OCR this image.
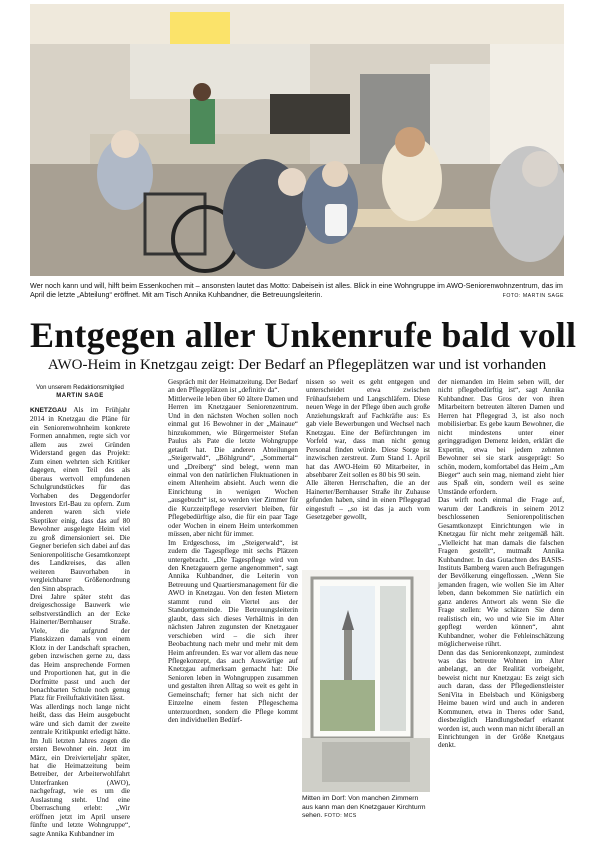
Wer noch kann und will, hilft beim Essenkochen mit – ansonsten lautet das Motto: Dabeisein ist alles. Blick in eine Wohngruppe im AWO-Seniorenwohnzentrum, das im April die letzte „Abteilung“ eröffnet. Mit am Tisch Annika Kuhbandner, die Betreuungsleiterin.	FOTO: MARTIN SAGE
Entgegen aller Unkenrufe bald voll
AWO-Heim in Knetzgau zeigt: Der Bedarf an Pflegeplätzen war und ist vorhanden
Von unserem Redaktionsmitglied
MARTIN SAGE

KNETZGAU Als im Frühjahr 2014 in Knetzgau die Pläne für ein Seniorenwohnheim konkrete Formen annahmen, regte sich vor allem aus zwei Gründen Widerstand gegen das Projekt: Zum einen wehrten sich Kritiker dagegen, einen Teil des als überaus wertvoll empfundenen Schulgrundstückes für das Vorhaben des Deggendorfer Investors Erl-Bau zu opfern. Zum anderen waren sich viele Skeptiker einig, dass das auf 80 Bewohner ausgelegte Heim viel zu groß dimensioniert sei. Die Gegner beriefen sich dabei auf das Seniorenpolitische Gesamtkonzept des Landkreises, das allen weiteren Bauvorhaben in vergleichbarer Größenordnung den Sinn absprach.

Drei Jahre später steht das dreigeschossige Bauwerk wie selbstverständlich an der Ecke Hainerter/Bernhauser Straße. Viele, die aufgrund der Planskizzen damals von einem Klotz in der Landschaft sprachen, geben inzwischen gerne zu, dass das Heim ansprechende Formen und Proportionen hat, gut in die Dorfmitte passt und auch der benachbarten Schule noch genug Platz für Freiluftaktivitäten lässt.

Was allerdings noch lange nicht heißt, dass das Heim ausgebucht wäre und sich damit der zweite zentrale Kritikpunkt erledigt hätte. Im Juli letzten Jahres zogen die ersten Bewohner ein. Jetzt im März, ein Dreivierteljahr später, hat die Heimatzeitung beim Betreiber, der Arbeiterwohlfahrt Unterfranken (AWO), nachgefragt, wie es um die Auslastung steht. Und eine Überraschung erlebt: „Wir eröffnen jetzt im April unsere fünfte und letzte Wohngruppe“, sagte Annika Kuhbandner im

Gespräch mit der Heimatzeitung. Der Bedarf an den Pflegeplätzen ist „definitiv da“.

Mittlerweile leben über 60 ältere Damen und Herren im Knetzgauer Seniorenzentrum. Und in den nächsten Wochen sollen noch einmal gut 16 Bewohner in der „Mainaue“ hinzukommen, wie Bürgermeister Stefan Paulus als Pate die letzte Wohngruppe getauft hat. Die anderen Abteilungen „Steigerwald“, „Böhlgrund“, „Sommertal“ und „Dreiberg“ sind belegt, wenn man einmal von den natürlichen Fluktuationen in einem Altenheim absieht. Auch wenn die Einrichtung in wenigen Wochen „ausgebucht“ ist, so werden vier Zimmer für die Kurzzeitpflege reserviert bleiben, für Pflegebedürftige also, die für ein paar Tage oder Wochen in einem Heim unterkommen müssen, aber nicht für immer.

Im Erdgeschoss, im „Steigerwald“, ist zudem die Tagespflege mit sechs Plätzen untergebracht. „Die Tagespflege wird von den Knetzgauern gerne angenommen“, sagt Annika Kuhbandner, die Leiterin von Betreuung und Quartiersmanagement für die AWO in Knetzgau. Von den festen Mietern stammt rund ein Viertel aus der Standortgemeinde. Die Betreuungsleiterin glaubt, dass sich dieses Verhältnis in den nächsten Jahren zugunsten der Knetzgauer verschieben wird – die sich ihrer Beobachtung nach mehr und mehr mit dem Heim anfreunden. Es war vor allem das neue Pflegekonzept, das auch Auswärtige auf Knetzgau aufmerksam gemacht hat: Die Senioren leben in Wohngruppen zusammen und gestalten ihren Alltag so weit es geht in Gemeinschaft; ferner hat sich nicht der Einzelne einem festen Pflegeschema unterzuordnen, sondern die Pflege kommt den individuellen Bedürf-

nissen so weit es geht entgegen und unterscheidet etwa zwischen Frühaufstehern und Langschläfern. Diese neuen Wege in der Pflege üben auch große Anziehungskraft auf Fachkräfte aus: Es gab viele Bewerbungen und Wechsel nach Knetzgau. Eine der Befürchtungen im Vorfeld war, dass man nicht genug Personal finden würde. Diese Sorge ist inzwischen zerstreut. Zum Stand 1. April hat das AWO-Heim 60 Mitarbeiter, in absehbarer Zeit sollen es 80 bis 90 sein.

Alle älteren Herrschaften, die an der Hainerter/Bernhauser Straße ihr Zuhause gefunden haben, sind in einen Pflegegrad eingestuft – „so ist das ja auch vom Gesetzgeber gewollt,

Mitten im Dorf: Von manchen Zimmern aus kann man den Knetzgauer Kirchturm sehen. FOTO: MCS

der niemanden im Heim sehen will, der nicht pflegebedürftig ist“, sagt Annika Kuhbandner. Das Gros der von ihren Mitarbeitern betreuten älteren Damen und Herren hat Pflegegrad 3, ist also noch mobilisierbar. Es gebe kaum Bewohner, die nicht mindestens unter einer geringgradigen Demenz leiden, erklärt die Expertin, etwa bei jedem zehnten Bewohner sei sie stark ausgeprägt: So schön, modern, komfortabel das Heim „Am Bieger“ auch sein mag, niemand zieht hier aus Spaß ein, sondern weil es seine Umstände erfordern.

Das wirft noch einmal die Frage auf, warum der Landkreis in seinem 2012 beschlossenen Seniorenpolitischen Gesamtkonzept Einrichtungen wie in Knetzgau für nicht mehr zeitgemäß hält. „Vielleicht hat man damals die falschen Fragen gestellt“, mutmaßt Annika Kuhbandner. In das Gutachten des BASIS-Instituts Bamberg waren auch Befragungen der Bevölkerung eingeflossen. „Wenn Sie jemanden fragen, wie wollen Sie im Alter leben, dann bekommen Sie natürlich ein ganz anderes Antwort als wenn Sie die Frage stellen: Wie schätzen Sie denn realistisch ein, wo und wie Sie im Alter gepflegt werden können“, ahnt Kuhbandner, woher die Fehleinschätzung möglicherweise rührt.

Denn das das Seniorenkonzept, zumindest was das betreute Wohnen im Alter anbelangt, an der Realität vorbeigeht, beweist nicht nur Knetzgau: Es zeigt sich auch daran, dass der Pflegedienstleister SeniVita in Ebelsbach und Königsberg Heime bauen wird und auch in anderen Kommunen, etwa in Theres oder Sand, diesbezüglich Handlungsbedarf erkannt worden ist, auch wenn man nicht überall an Einrichtungen in der Größe Knetgaus denkt.
